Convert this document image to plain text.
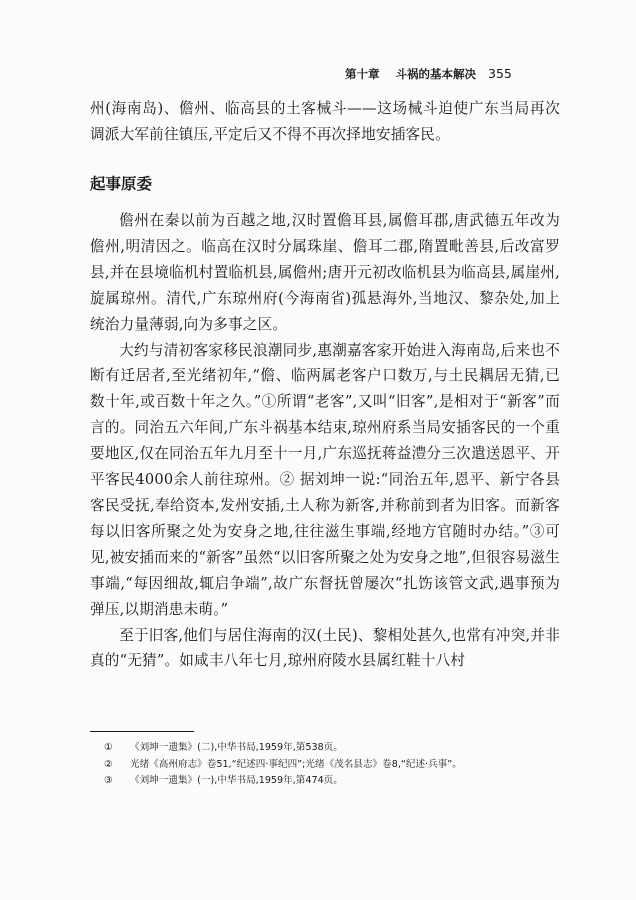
第十章 斗祸的基本解决 355

州(海南岛)、儋州、临高县的土客械斗——这场械斗迫使广东当局再次调派大军前往镇压,平定后又不得不再次择地安插客民。

起事原委

儋州在秦以前为百越之地,汉时置儋耳县,属儋耳郡,唐武德五年改为儋州,明清因之。临高在汉时分属珠崖、儋耳二郡,隋置毗善县,后改富罗县,并在县境临机村置临机县,属儋州;唐开元初改临机县为临高县,属崖州,旋属琼州。清代,广东琼州府(今海南省)孤悬海外,当地汉、黎杂处,加上统治力量薄弱,向为多事之区。

大约与清初客家移民浪潮同步,惠潮嘉客家开始进入海南岛,后来也不断有迁居者,至光绪初年,“儋、临两属老客户口数万,与土民耦居无猜,已数十年,或百数十年之久。”①所谓“老客”,又叫“旧客”,是相对于“新客”而言的。同治五六年间,广东斗祸基本结束,琼州府系当局安插客民的一个重要地区,仅在同治五年九月至十一月,广东巡抚蒋益澧分三次遣送恩平、开平客民4000余人前往琼州。② 据刘坤一说:“同治五年,恩平、新宁各县客民受抚,奉给资本,发州安插,土人称为新客,并称前到者为旧客。而新客每以旧客所聚之处为安身之地,往往滋生事端,经地方官随时办结。”③可见,被安插而来的“新客”虽然“以旧客所聚之处为安身之地”,但很容易滋生事端,“每因细故,辄启争端”,故广东督抚曾屡次“扎饬该管文武,遇事预为弹压,以期消患未萌。”

至于旧客,他们与居住海南的汉(土民)、黎相处甚久,也常有冲突,并非真的“无猜”。如咸丰八年七月,琼州府陵水县属红鞋十八村

① 《刘坤一遗集》(二),中华书局,1959年,第538页。
② 光绪《高州府志》卷51,“纪述四·事纪四”;光绪《茂名县志》卷8,“纪述·兵事”。
③ 《刘坤一遗集》(一),中华书局,1959年,第474页。
